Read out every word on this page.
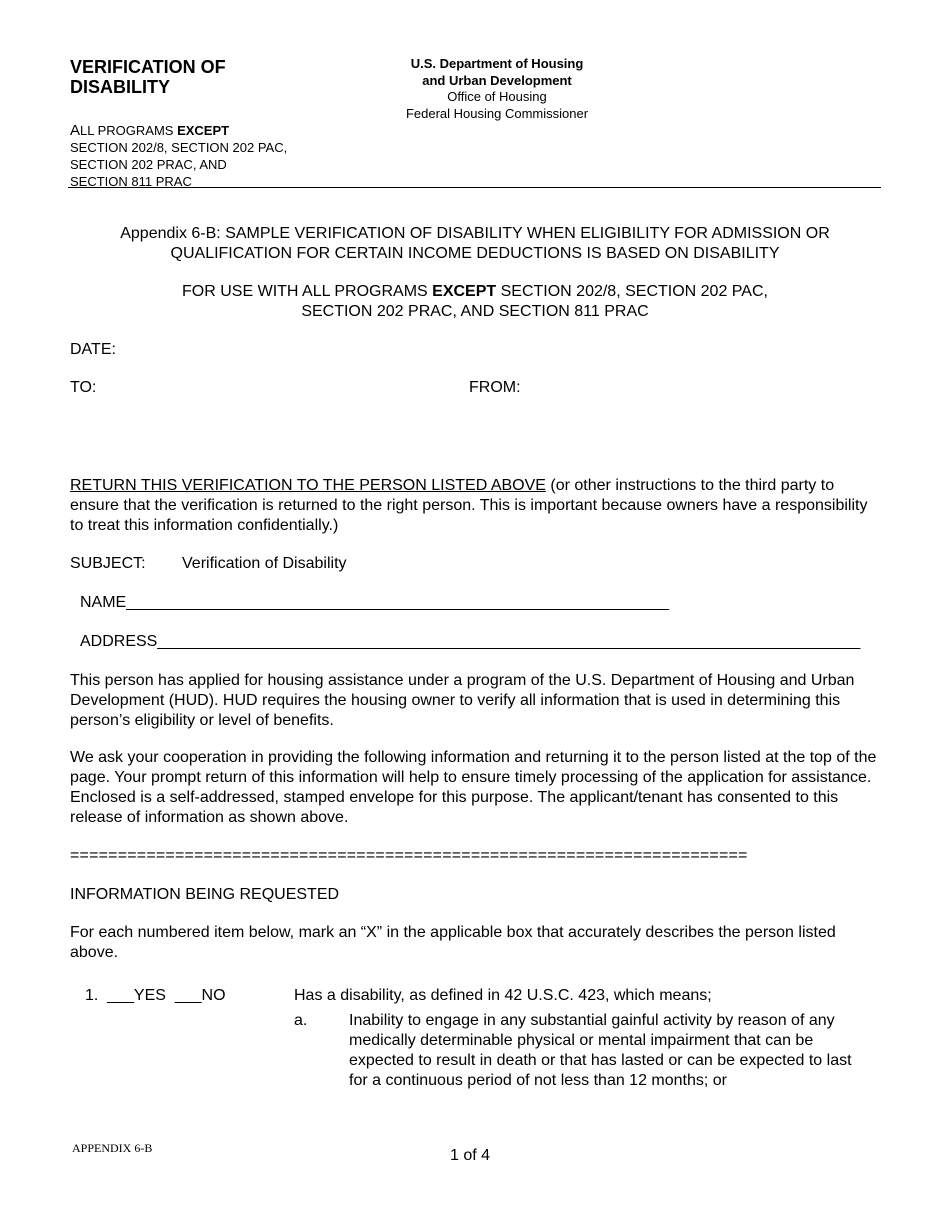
VERIFICATION OF
DISABILITY
U.S. Department of Housing
and Urban Development
Office of Housing
Federal Housing Commissioner
ALL PROGRAMS EXCEPT
SECTION 202/8, SECTION 202 PAC,
SECTION 202 PRAC, AND
SECTION 811 PRAC
Appendix 6-B: SAMPLE VERIFICATION OF DISABILITY WHEN ELIGIBILITY FOR ADMISSION OR
QUALIFICATION FOR CERTAIN INCOME DEDUCTIONS IS BASED ON DISABILITY
FOR USE WITH ALL PROGRAMS EXCEPT SECTION 202/8, SECTION 202 PAC,
SECTION 202 PRAC, AND SECTION 811 PRAC
DATE:
TO:	FROM:
RETURN THIS VERIFICATION TO THE PERSON LISTED ABOVE (or other instructions to the third party to ensure that the verification is returned to the right person. This is important because owners have a responsibility to treat this information confidentially.)
SUBJECT: Verification of Disability
NAME_____________________________________________________________
ADDRESS_______________________________________________________________________________
This person has applied for housing assistance under a program of the U.S. Department of Housing and Urban Development (HUD). HUD requires the housing owner to verify all information that is used in determining this person’s eligibility or level of benefits.
We ask your cooperation in providing the following information and returning it to the person listed at the top of the page. Your prompt return of this information will help to ensure timely processing of the application for assistance. Enclosed is a self-addressed, stamped envelope for this purpose. The applicant/tenant has consented to this release of information as shown above.
=======================================================================
INFORMATION BEING REQUESTED
For each numbered item below, mark an “X” in the applicable box that accurately describes the person listed above.
1.  ___YES  ___NO	Has a disability, as defined in 42 U.S.C. 423, which means;
a.	Inability to engage in any substantial gainful activity by reason of any medically determinable physical or mental impairment that can be expected to result in death or that has lasted or can be expected to last for a continuous period of not less than 12 months; or
APPENDIX 6-B	1 of 4
